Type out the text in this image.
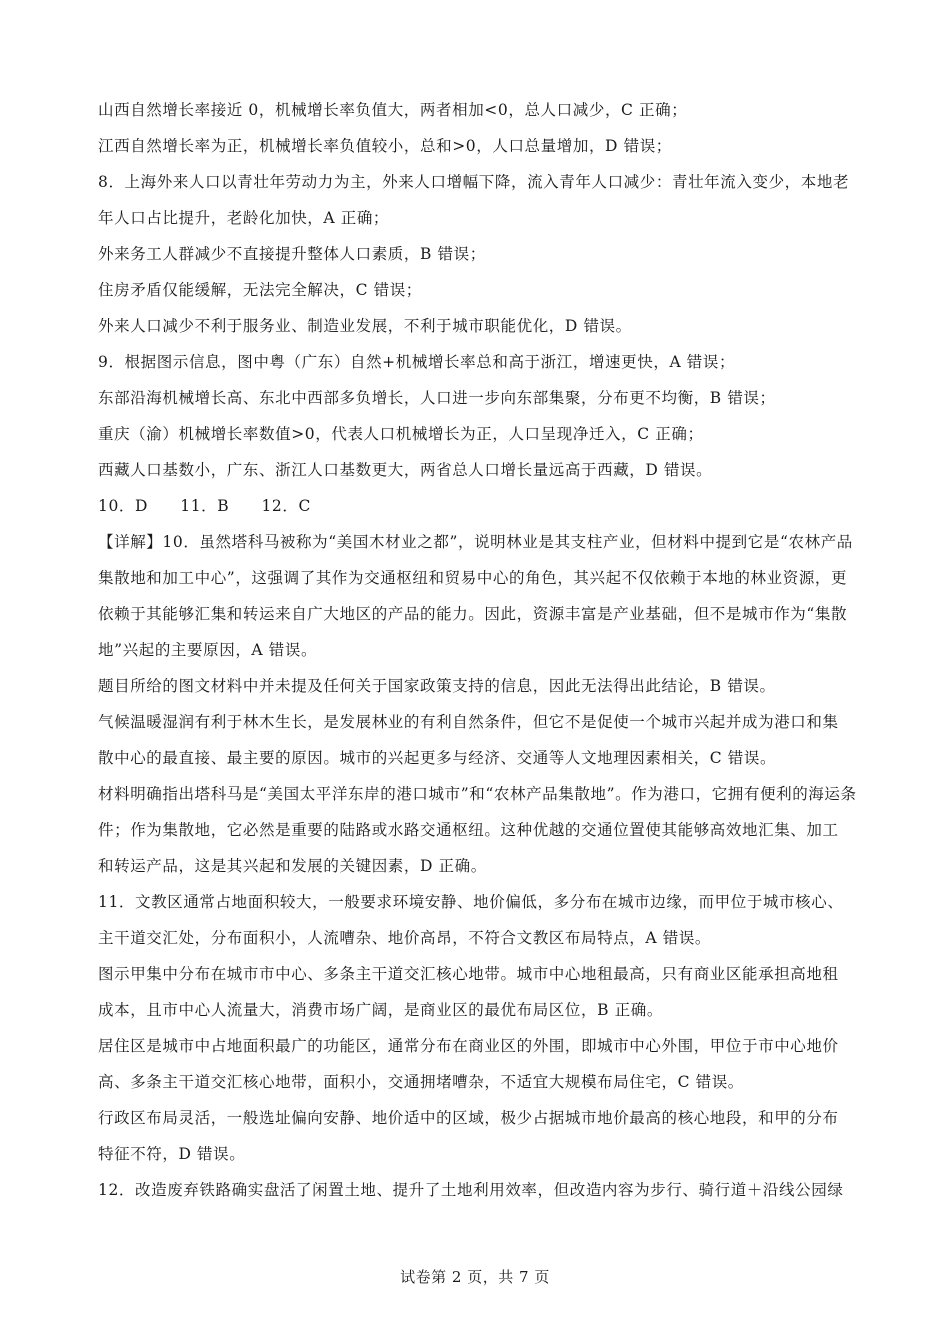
山西自然增长率接近 0，机械增长率负值大，两者相加<0，总人口减少，C 正确；
江西自然增长率为正，机械增长率负值较小，总和>0，人口总量增加，D 错误；
8．上海外来人口以青壮年劳动力为主，外来人口增幅下降，流入青年人口减少：青壮年流入变少，本地老
年人口占比提升，老龄化加快，A 正确；
外来务工人群减少不直接提升整体人口素质，B 错误；
住房矛盾仅能缓解，无法完全解决，C 错误；
外来人口减少不利于服务业、制造业发展，不利于城市职能优化，D 错误。
9．根据图示信息，图中粤（广东）自然+机械增长率总和高于浙江，增速更快，A 错误；
东部沿海机械增长高、东北中西部多负增长，人口进一步向东部集聚，分布更不均衡，B 错误；
重庆（渝）机械增长率数值>0，代表人口机械增长为正，人口呈现净迁入，C 正确；
西藏人口基数小，广东、浙江人口基数更大，两省总人口增长量远高于西藏，D 错误。
10．D　　11．B　　12．C
【详解】10．虽然塔科马被称为“美国木材业之都”，说明林业是其支柱产业，但材料中提到它是“农林产品
集散地和加工中心”，这强调了其作为交通枢纽和贸易中心的角色，其兴起不仅依赖于本地的林业资源，更
依赖于其能够汇集和转运来自广大地区的产品的能力。因此，资源丰富是产业基础，但不是城市作为“集散
地”兴起的主要原因，A 错误。
题目所给的图文材料中并未提及任何关于国家政策支持的信息，因此无法得出此结论，B 错误。
气候温暖湿润有利于林木生长，是发展林业的有利自然条件，但它不是促使一个城市兴起并成为港口和集
散中心的最直接、最主要的原因。城市的兴起更多与经济、交通等人文地理因素相关，C 错误。
材料明确指出塔科马是“美国太平洋东岸的港口城市”和“农林产品集散地”。作为港口，它拥有便利的海运条
件；作为集散地，它必然是重要的陆路或水路交通枢纽。这种优越的交通位置使其能够高效地汇集、加工
和转运产品，这是其兴起和发展的关键因素，D 正确。
11．文教区通常占地面积较大，一般要求环境安静、地价偏低，多分布在城市边缘，而甲位于城市核心、
主干道交汇处，分布面积小，人流嘈杂、地价高昂，不符合文教区布局特点，A 错误。
图示甲集中分布在城市市中心、多条主干道交汇核心地带。城市中心地租最高，只有商业区能承担高地租
成本，且市中心人流量大，消费市场广阔，是商业区的最优布局区位，B 正确。
居住区是城市中占地面积最广的功能区，通常分布在商业区的外围，即城市中心外围，甲位于市中心地价
高、多条主干道交汇核心地带，面积小，交通拥堵嘈杂，不适宜大规模布局住宅，C 错误。
行政区布局灵活，一般选址偏向安静、地价适中的区域，极少占据城市地价最高的核心地段，和甲的分布
特征不符，D 错误。
12．改造废弃铁路确实盘活了闲置土地、提升了土地利用效率，但改造内容为步行、骑行道＋沿线公园绿
试卷第 2 页，共 7 页
